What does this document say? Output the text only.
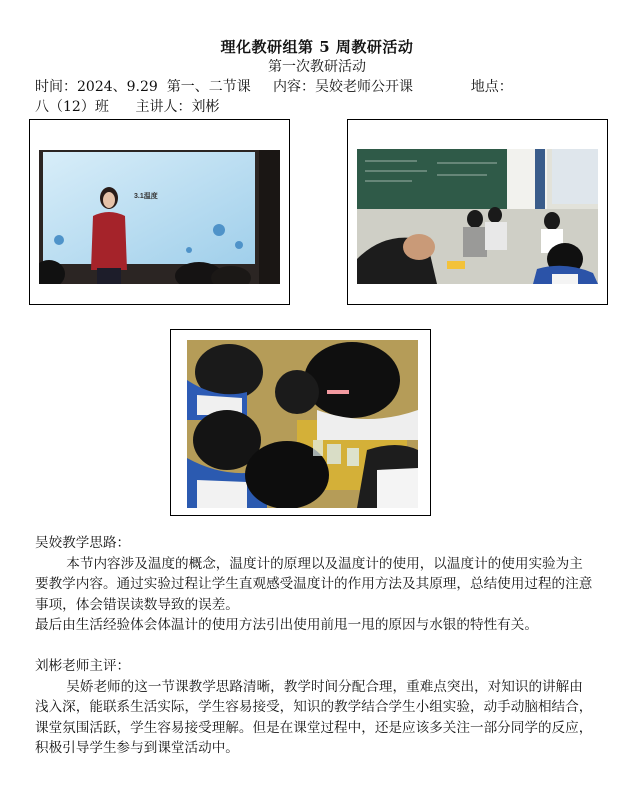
理化教研组第 5 周教研活动
第一次教研活动
时间：2024、9.29  第一、二节课     内容：吴姣老师公开课             地点：
八（12）班      主讲人：刘彬
3.1温度

吴姣教学思路：

本节内容涉及温度的概念，温度计的原理以及温度计的使用，以温度计的使用实验为主要教学内容。通过实验过程让学生直观感受温度计的作用方法及其原理，总结使用过程的注意事项，体会错误读数导致的误差。

最后由生活经验体会体温计的使用方法引出使用前甩一甩的原因与水银的特性有关。

刘彬老师主评：

吴娇老师的这一节课教学思路清晰，教学时间分配合理，重难点突出，对知识的讲解由浅入深，能联系生活实际，学生容易接受，知识的教学结合学生小组实验，动手动脑相结合，课堂氛围活跃，学生容易接受理解。但是在课堂过程中，还是应该多关注一部分同学的反应，积极引导学生参与到课堂活动中。
